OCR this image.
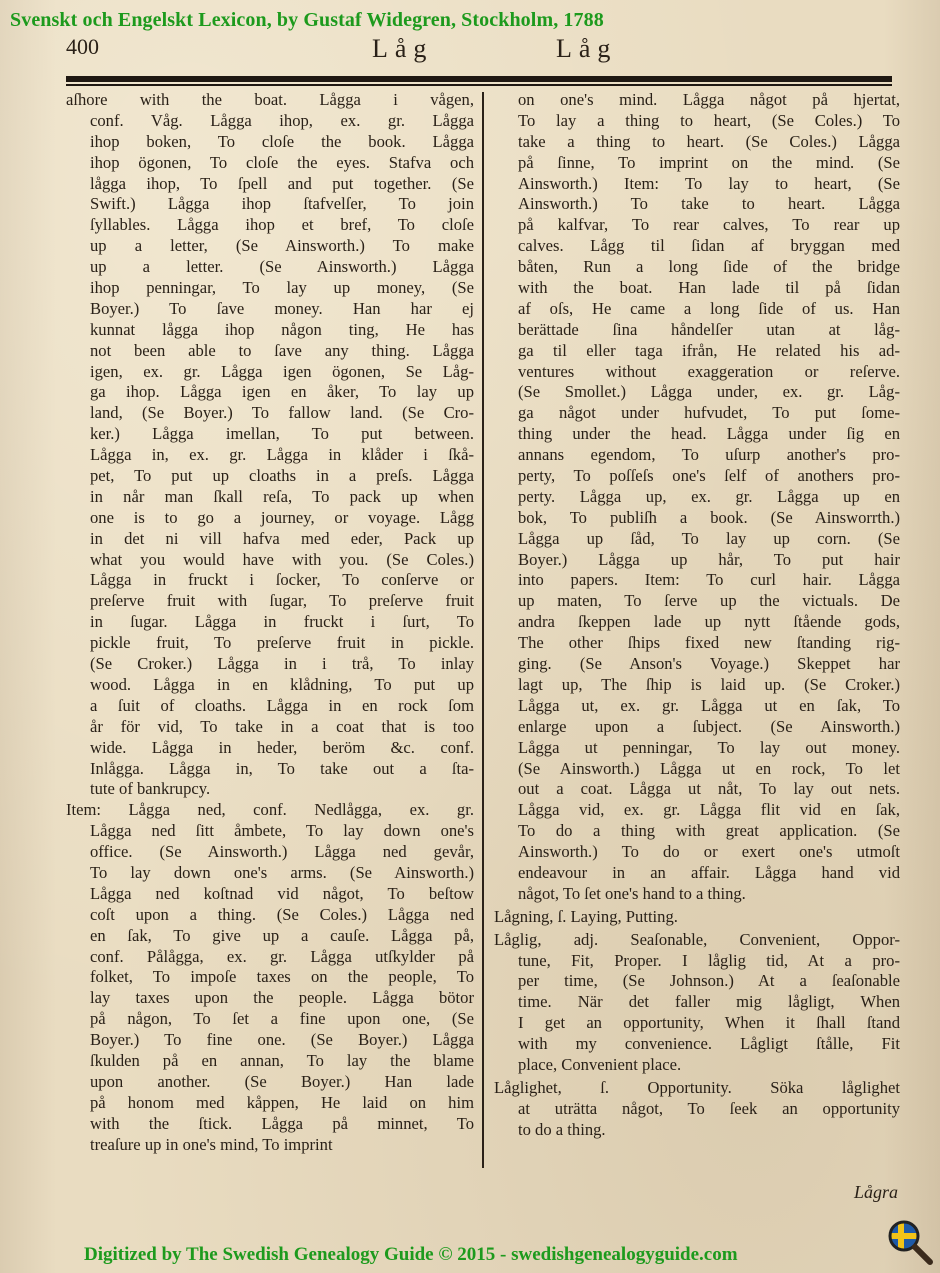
Svenskt och Engelskt Lexicon, by Gustaf Widegren, Stockholm, 1788
400	Låg	Låg
aſhore with the boat. Lågga i vågen,
conf. Våg. Lågga ihop, ex. gr. Lågga
ihop boken, To cloſe the book. Lågga
ihop ögonen, To cloſe the eyes. Stafva och
lågga ihop, To ſpell and put together. (Se
Swift.) Lågga ihop ſtafvelſer, To join
ſyllables. Lågga ihop et bref, To cloſe
up a letter, (Se Ainsworth.) To make
up a letter. (Se Ainsworth.) Lågga
ihop penningar, To lay up money, (Se
Boyer.) To ſave money. Han har ej
kunnat lågga ihop någon ting, He has
not been able to ſave any thing. Lågga
igen, ex. gr. Lågga igen ögonen, Se Låg-
ga ihop. Lågga igen en åker, To lay up
land, (Se Boyer.) To fallow land. (Se Cro-
ker.) Lågga imellan, To put between.
Lågga in, ex. gr. Lågga in klåder i ſkå-
pet, To put up cloaths in a preſs. Lågga
in når man ſkall reſa, To pack up when
one is to go a journey, or voyage. Lågg
in det ni vill hafva med eder, Pack up
what you would have with you. (Se Coles.)
Lågga in fruckt i ſocker, To conſerve or
preſerve fruit with ſugar, To preſerve fruit
in ſugar. Lågga in fruckt i ſurt, To
pickle fruit, To preſerve fruit in pickle.
(Se Croker.) Lågga in i trå, To inlay
wood. Lågga in en klådning, To put up
a ſuit of cloaths. Lågga in en rock ſom
år för vid, To take in a coat that is too
wide. Lågga in heder, beröm &c. conf.
Inlågga. Lågga in, To take out a ſta-
tute of bankrupcy.
Item: Lågga ned, conf. Nedlågga, ex. gr.
Lågga ned ſitt åmbete, To lay down one's
office. (Se Ainsworth.) Lågga ned gevår,
To lay down one's arms. (Se Ainsworth.)
Lågga ned koſtnad vid något, To beſtow
coſt upon a thing. (Se Coles.) Lågga ned
en ſak, To give up a cauſe. Lågga på,
conf. Pålågga, ex. gr. Lågga utſkylder på
folket, To impoſe taxes on the people, To
lay taxes upon the people. Lågga bötor
på någon, To ſet a fine upon one, (Se
Boyer.) To fine one. (Se Boyer.) Lågga
ſkulden på en annan, To lay the blame
upon another. (Se Boyer.) Han lade
på honom med kåppen, He laid on him
with the ſtick. Lågga på minnet, To
treaſure up in one's mind, To imprint
on one's mind. Lågga något på hjertat,
To lay a thing to heart, (Se Coles.) To
take a thing to heart. (Se Coles.) Lågga
på ſinne, To imprint on the mind. (Se
Ainsworth.) Item: To lay to heart, (Se
Ainsworth.) To take to heart. Lågga
på kalfvar, To rear calves, To rear up
calves. Lågg til ſidan af bryggan med
båten, Run a long ſide of the bridge
with the boat. Han lade til på ſidan
af oſs, He came a long ſide of us. Han
berättade ſina håndelſer utan at låg-
ga til eller taga ifrån, He related his ad-
ventures without exaggeration or reſerve.
(Se Smollet.) Lågga under, ex. gr. Låg-
ga något under hufvudet, To put ſome-
thing under the head. Lågga under ſig en
annans egendom, To uſurp another's pro-
perty, To poſſeſs one's ſelf of anothers pro-
perty. Lågga up, ex. gr. Lågga up en
bok, To publiſh a book. (Se Ainsworrth.)
Lågga up ſåd, To lay up corn. (Se
Boyer.) Lågga up hår, To put hair
into papers. Item: To curl hair. Lågga
up maten, To ſerve up the victuals. De
andra ſkeppen lade up nytt ſtående gods,
The other ſhips fixed new ſtanding rig-
ging. (Se Anson's Voyage.) Skeppet har
lagt up, The ſhip is laid up. (Se Croker.)
Lågga ut, ex. gr. Lågga ut en ſak, To
enlarge upon a ſubject. (Se Ainsworth.)
Lågga ut penningar, To lay out money.
(Se Ainsworth.) Lågga ut en rock, To let
out a coat. Lågga ut nåt, To lay out nets.
Lågga vid, ex. gr. Lågga flit vid en ſak,
To do a thing with great application. (Se
Ainsworth.) To do or exert one's utmoſt
endeavour in an affair. Lågga hand vid
något, To ſet one's hand to a thing.
Lågning, ſ. Laying, Putting.
Låglig, adj. Seaſonable, Convenient, Oppor-
tune, Fit, Proper. I låglig tid, At a pro-
per time, (Se Johnson.) At a ſeaſonable
time. När det faller mig lågligt, When
I get an opportunity, When it ſhall ſtand
with my convenience. Lågligt ſtålle, Fit
place, Convenient place.
Låglighet, ſ. Opportunity. Söka låglighet
at uträtta något, To ſeek an opportunity
to do a thing.
Lågra
Digitized by The Swedish Genealogy Guide © 2015 - swedishgenealogyguide.com
